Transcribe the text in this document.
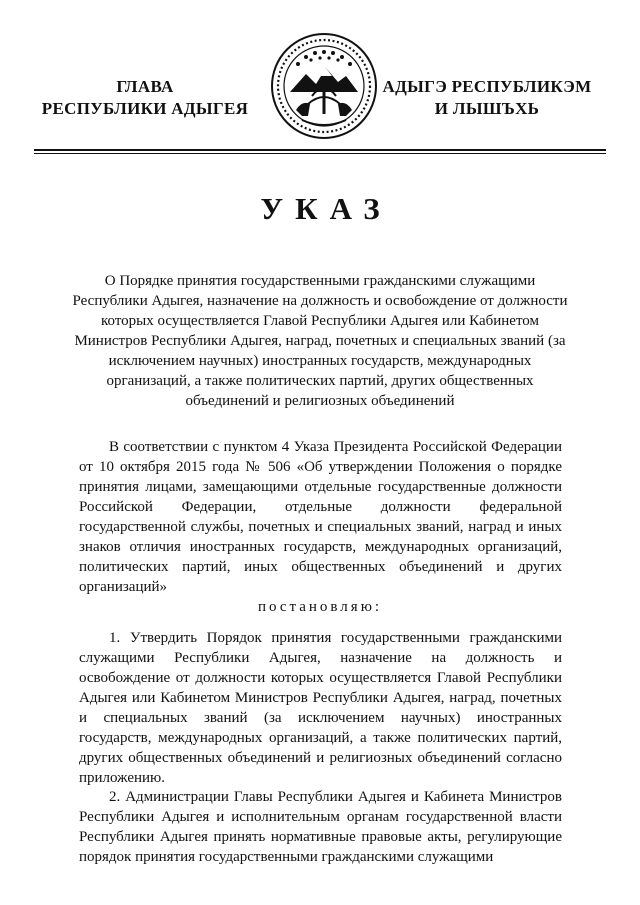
ГЛАВА
РЕСПУБЛИКИ АДЫГЕЯ
АДЫГЭ РЕСПУБЛИКЭМ
И ЛЫШЪХЬ
УКАЗ
О Порядке принятия государственными гражданскими служащими Республики Адыгея, назначение на должность и освобождение от должности которых осуществляется Главой Республики Адыгея или Кабинетом Министров Республики Адыгея, наград, почетных и специальных званий (за исключением научных) иностранных государств, международных организаций, а также политических партий, других общественных объединений и религиозных объединений
В соответствии с пунктом 4 Указа Президента Российской Федерации от 10 октября 2015 года № 506 «Об утверждении Положения о порядке принятия лицами, замещающими отдельные государственные должности Российской Федерации, отдельные должности федеральной государственной службы, почетных и специальных званий, наград и иных знаков отличия иностранных государств, международных организаций, политических партий, иных общественных объединений и других организаций»
постановляю:
1. Утвердить Порядок принятия государственными гражданскими служащими Республики Адыгея, назначение на должность и освобождение от должности которых осуществляется Главой Республики Адыгея или Кабинетом Министров Республики Адыгея, наград, почетных и специальных званий (за исключением научных) иностранных государств, международных организаций, а также политических партий, других общественных объединений и религиозных объединений согласно приложению.
2. Администрации Главы Республики Адыгея и Кабинета Министров Республики Адыгея и исполнительным органам государственной власти Республики Адыгея принять нормативные правовые акты, регулирующие порядок принятия государственными гражданскими служащими
